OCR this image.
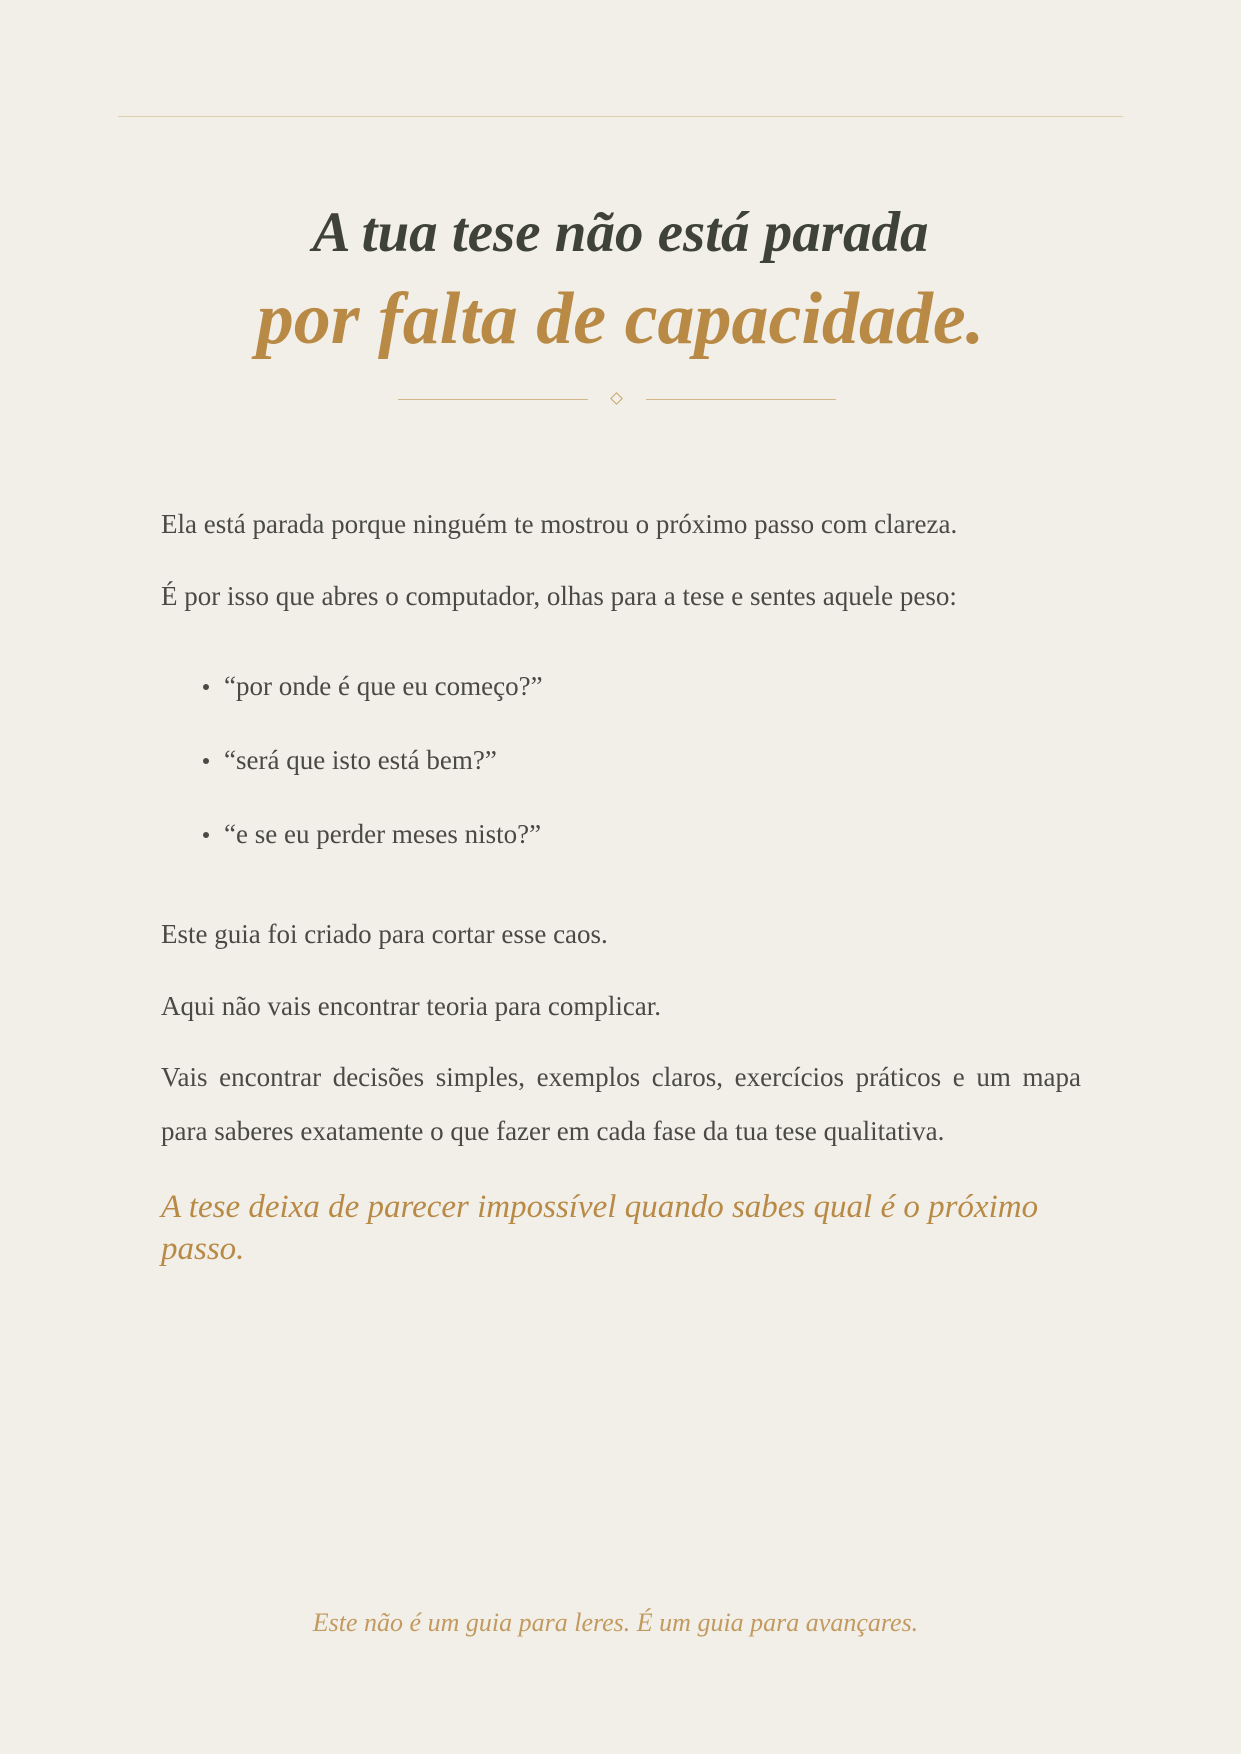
A tua tese não está parada
por falta de capacidade.

Ela está parada porque ninguém te mostrou o próximo passo com clareza.

É por isso que abres o computador, olhas para a tese e sentes aquele peso:

“por onde é que eu começo?”
“será que isto está bem?”
“e se eu perder meses nisto?”

Este guia foi criado para cortar esse caos.

Aqui não vais encontrar teoria para complicar.

Vais encontrar decisões simples, exemplos claros, exercícios práticos e um mapa para saberes exatamente o que fazer em cada fase da tua tese qualitativa.

A tese deixa de parecer impossível quando sabes qual é o próximo passo.

Este não é um guia para leres. É um guia para avançares.
